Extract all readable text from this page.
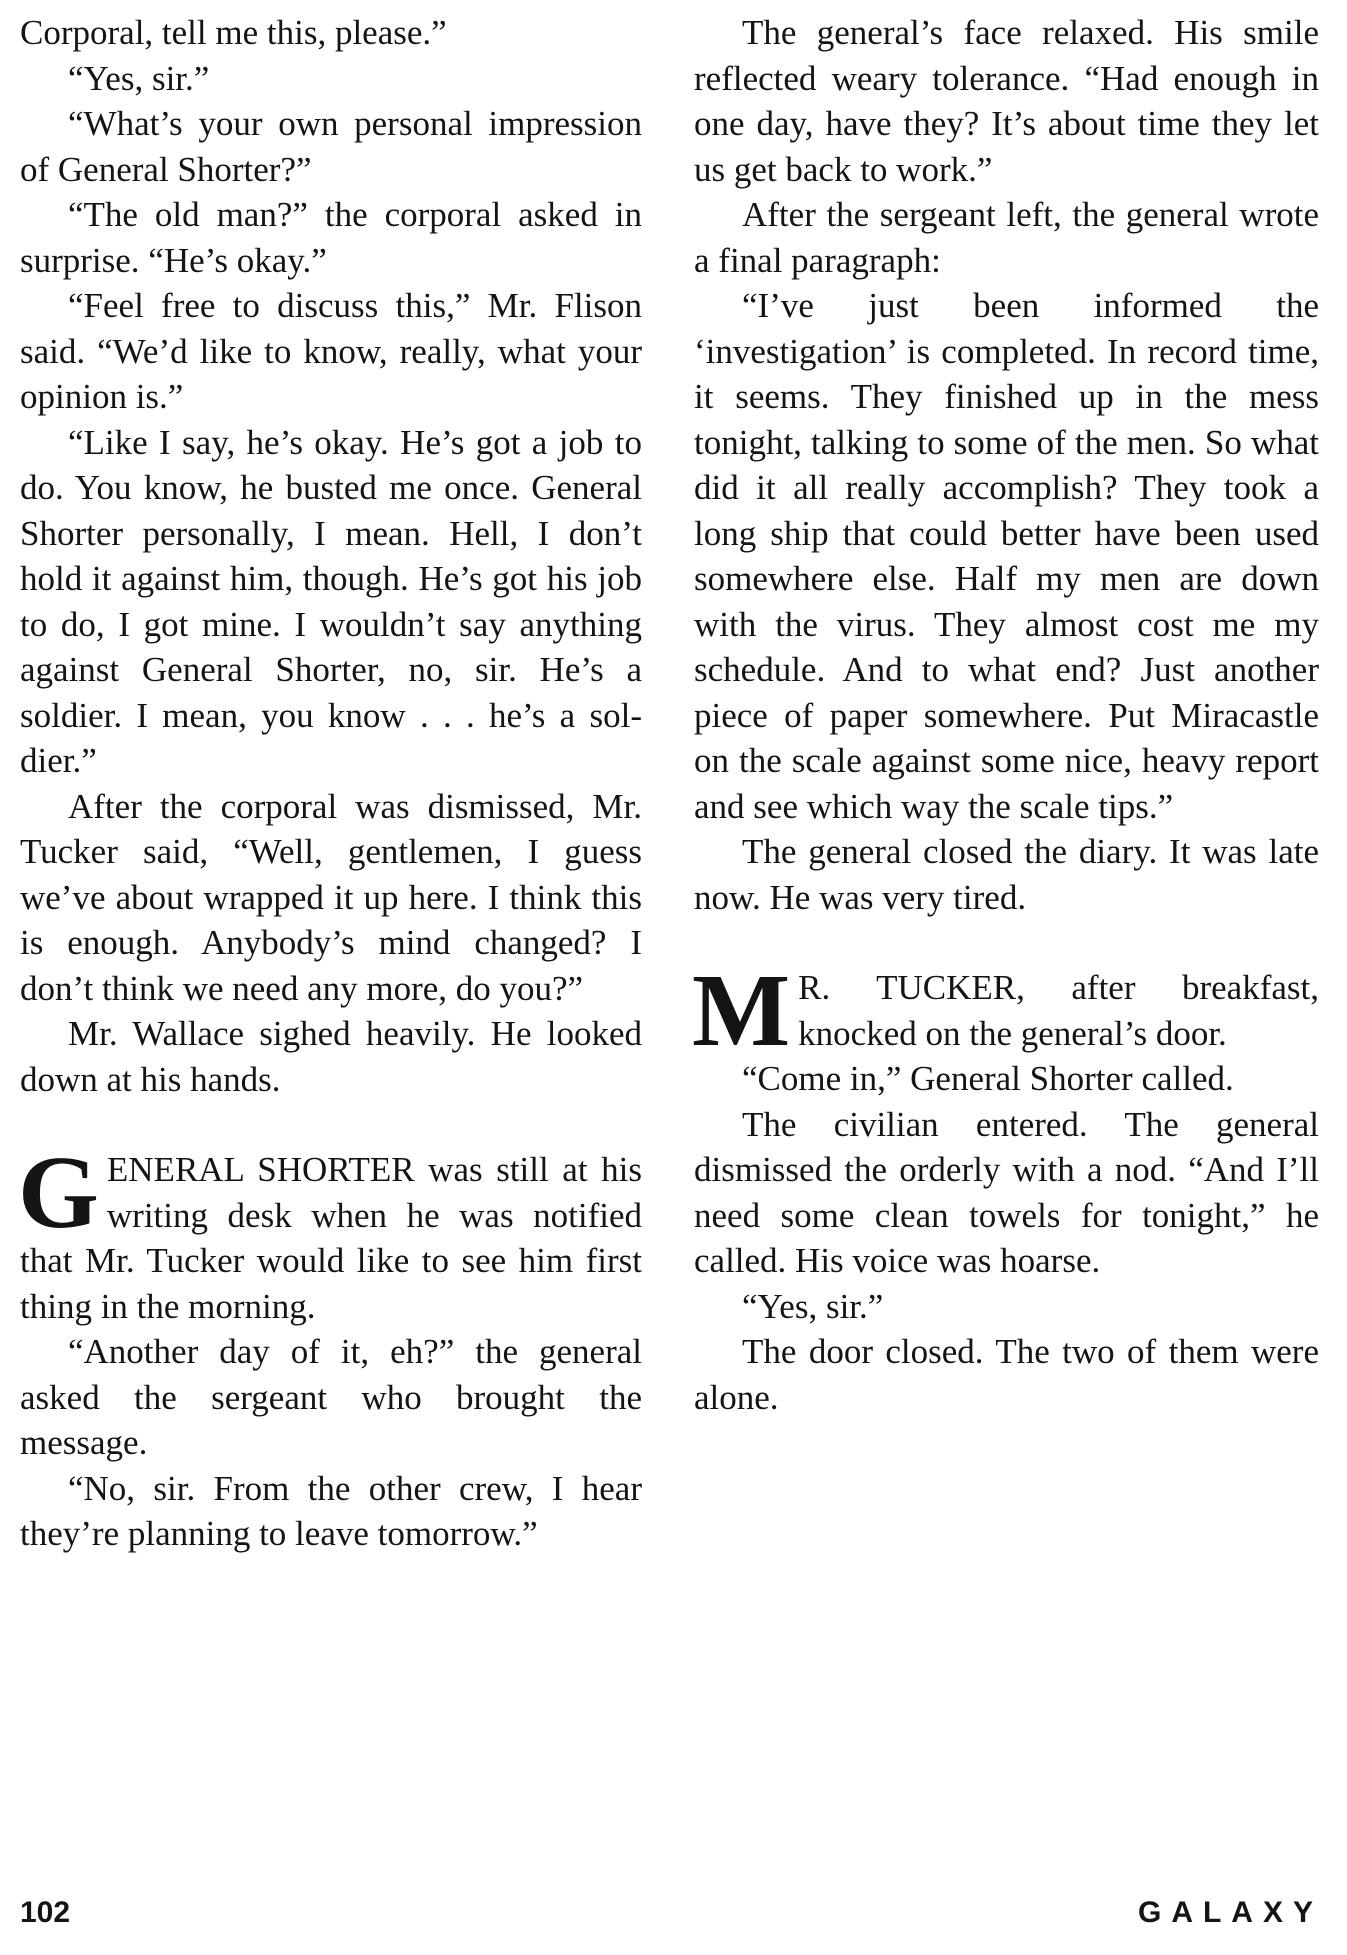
Corporal, tell me this, please.”

“Yes, sir.”

“What’s your own personal impression of General Shorter?”

“The old man?” the corporal asked in surprise. “He’s okay.”

“Feel free to discuss this,” Mr. Flison said. “We’d like to know, really, what your opinion is.”

“Like I say, he’s okay. He’s got a job to do. You know, he busted me once. General Shorter personally, I mean. Hell, I don’t hold it against him, though. He’s got his job to do, I got mine. I wouldn’t say anything against General Shorter, no, sir. He’s a soldier. I mean, you know . . . he’s a soldier.”

After the corporal was dismissed, Mr. Tucker said, “Well, gentlemen, I guess we’ve about wrapped it up here. I think this is enough. Anybody’s mind changed? I don’t think we need any more, do you?”

Mr. Wallace sighed heavily. He looked down at his hands.

GENERAL SHORTER was still at his writing desk when he was notified that Mr. Tucker would like to see him first thing in the morning.

“Another day of it, eh?” the general asked the sergeant who brought the message.

“No, sir. From the other crew, I hear they’re planning to leave tomorrow.”

The general’s face relaxed. His smile reflected weary tolerance. “Had enough in one day, have they? It’s about time they let us get back to work.”

After the sergeant left, the general wrote a final paragraph:

“I’ve just been informed the ‘investigation’ is completed. In record time, it seems. They finished up in the mess tonight, talking to some of the men. So what did it all really accomplish? They took a long ship that could better have been used somewhere else. Half my men are down with the virus. They almost cost me my schedule. And to what end? Just another piece of paper somewhere. Put Miracastle on the scale against some nice, heavy report and see which way the scale tips.”

The general closed the diary. It was late now. He was very tired.

M R. TUCKER, after breakfast, knocked on the general’s door.

“Come in,” General Shorter called.

The civilian entered. The general dismissed the orderly with a nod. “And I’ll need some clean towels for tonight,” he called. His voice was hoarse.

“Yes, sir.”

The door closed. The two of them were alone.

102	GALAXY
